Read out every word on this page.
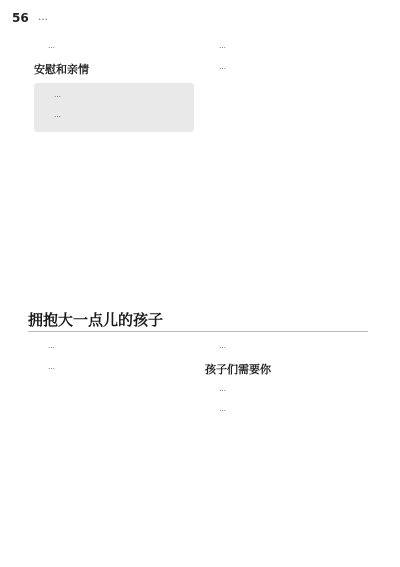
56 …

…

安慰和亲情

…

…

…

…

拥抱大一点儿的孩子

…

…

…

孩子们需要你

…

…
